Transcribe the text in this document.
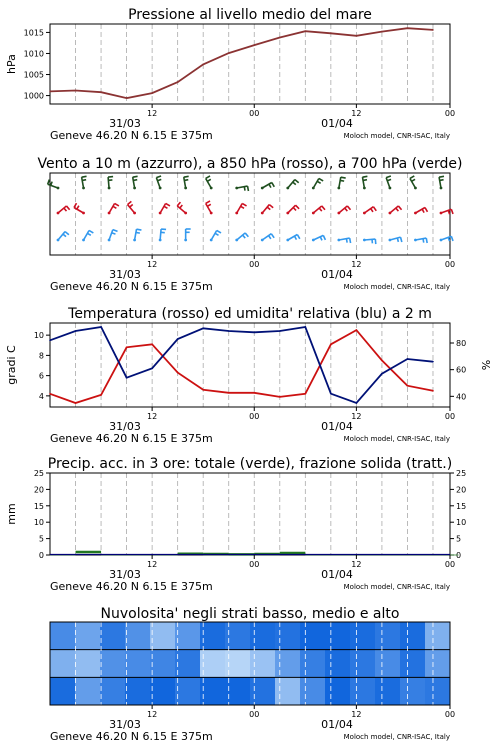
Pressione al livello medio del mare
1000
1005
1010
1015
hPa
12	00	12	00
31/03	01/04
Geneve 46.20 N 6.15 E 375m	Moloch model, CNR-ISAC, Italy
Vento a 10 m (azzurro), a 850 hPa (rosso), a 700 hPa (verde)
12	00	12	00
31/03	01/04
Geneve 46.20 N 6.15 E 375m	Moloch model, CNR-ISAC, Italy
Temperatura (rosso) ed umidita' relativa (blu) a 2 m
4
6
8
10
40
60
80
gradi C	%
12	00	12	00
31/03	01/04
Geneve 46.20 N 6.15 E 375m	Moloch model, CNR-ISAC, Italy
Precip. acc. in 3 ore: totale (verde), frazione solida (tratt.)
0
5
10
15
20
25
0
5
10
15
20
25
mm
12	00	12	00
31/03	01/04
Geneve 46.20 N 6.15 E 375m	Moloch model, CNR-ISAC, Italy
Nuvolosita' negli strati basso, medio e alto
12	00	12	00
31/03	01/04
Geneve 46.20 N 6.15 E 375m	Moloch model, CNR-ISAC, Italy
